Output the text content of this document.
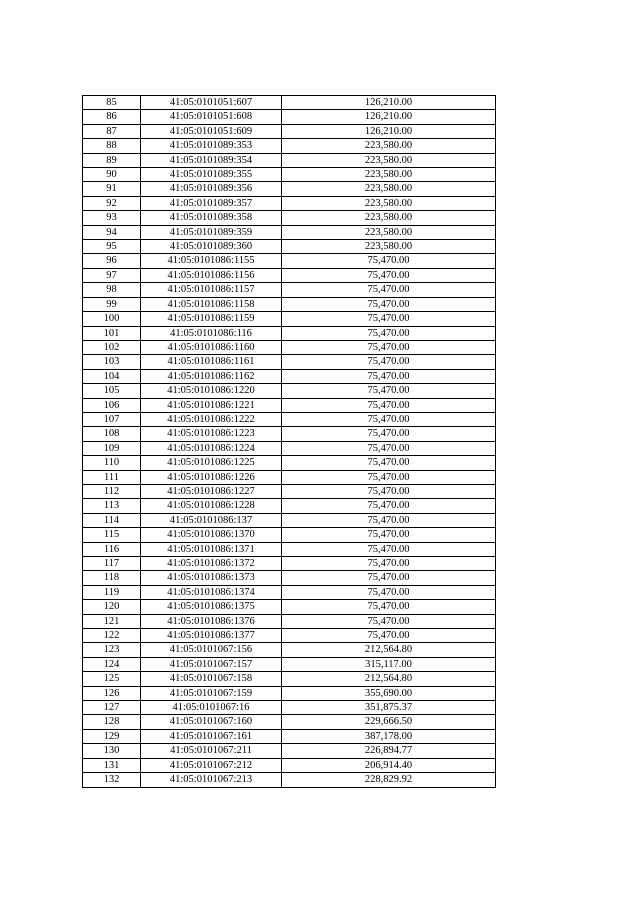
85	41:05:0101051:607	126,210.00
86	41:05:0101051:608	126,210.00
87	41:05:0101051:609	126,210.00
88	41:05:0101089:353	223,580.00
89	41:05:0101089:354	223,580.00
90	41:05:0101089:355	223,580.00
91	41:05:0101089:356	223,580.00
92	41:05:0101089:357	223,580.00
93	41:05:0101089:358	223,580.00
94	41:05:0101089:359	223,580.00
95	41:05:0101089:360	223,580.00
96	41:05:0101086:1155	75,470.00
97	41:05:0101086:1156	75,470.00
98	41:05:0101086:1157	75,470.00
99	41:05:0101086:1158	75,470.00
100	41:05:0101086:1159	75,470.00
101	41:05:0101086:116	75,470.00
102	41:05:0101086:1160	75,470.00
103	41:05:0101086:1161	75,470.00
104	41:05:0101086:1162	75,470.00
105	41:05:0101086:1220	75,470.00
106	41:05:0101086:1221	75,470.00
107	41:05:0101086:1222	75,470.00
108	41:05:0101086:1223	75,470.00
109	41:05:0101086:1224	75,470.00
110	41:05:0101086:1225	75,470.00
111	41:05:0101086:1226	75,470.00
112	41:05:0101086:1227	75,470.00
113	41:05:0101086:1228	75,470.00
114	41:05:0101086:137	75,470.00
115	41:05:0101086:1370	75,470.00
116	41:05:0101086:1371	75,470.00
117	41:05:0101086:1372	75,470.00
118	41:05:0101086:1373	75,470.00
119	41:05:0101086:1374	75,470.00
120	41:05:0101086:1375	75,470.00
121	41:05:0101086:1376	75,470.00
122	41:05:0101086:1377	75,470.00
123	41:05:0101067:156	212,564.80
124	41:05:0101067:157	315,117.00
125	41:05:0101067:158	212,564.80
126	41:05:0101067:159	355,690.00
127	41:05:0101067:16	351,875.37
128	41:05:0101067:160	229,666.50
129	41:05:0101067:161	387,178.00
130	41:05:0101067:211	226,894.77
131	41:05:0101067:212	206,914.40
132	41:05:0101067:213	228,829.92
